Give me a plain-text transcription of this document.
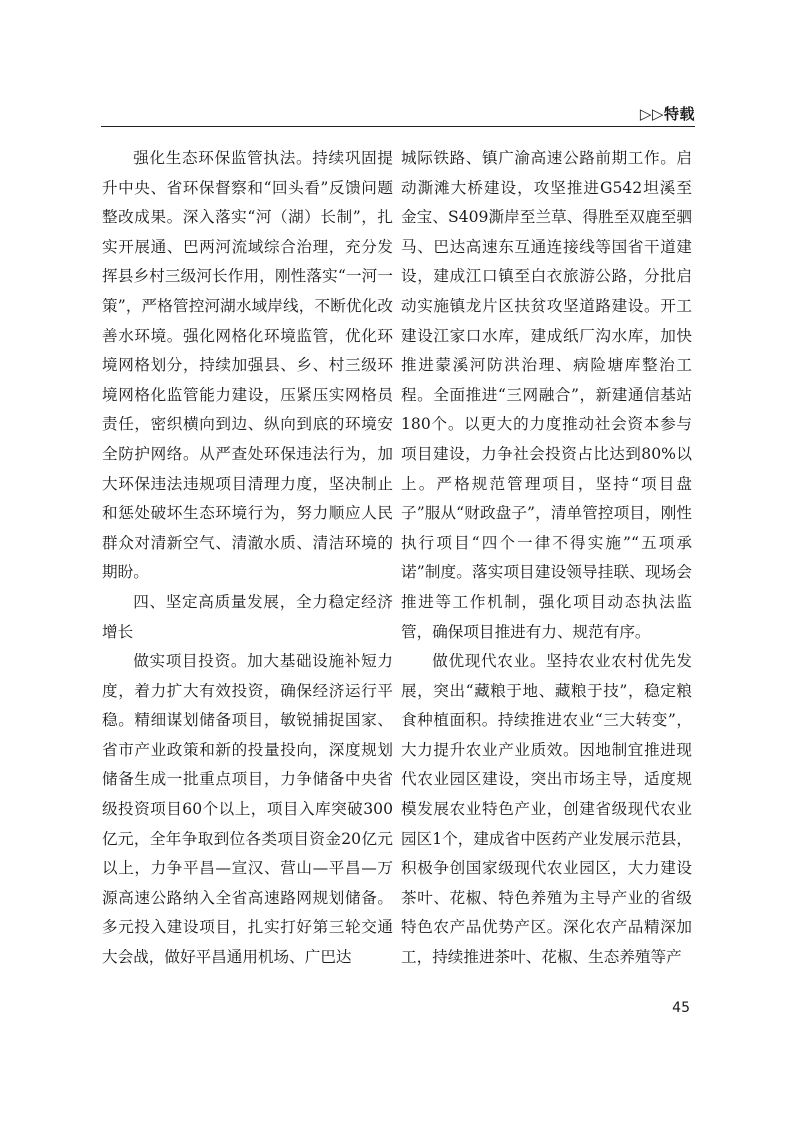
▷▷特载

强化生态环保监管执法。持续巩固提升中央、省环保督察和“回头看”反馈问题整改成果。深入落实“河（湖）长制”，扎实开展通、巴两河流域综合治理，充分发挥县乡村三级河长作用，刚性落实“一河一策”，严格管控河湖水域岸线，不断优化改善水环境。强化网格化环境监管，优化环境网格划分，持续加强县、乡、村三级环境网格化监管能力建设，压紧压实网格员责任，密织横向到边、纵向到底的环境安全防护网络。从严查处环保违法行为，加大环保违法违规项目清理力度，坚决制止和惩处破坏生态环境行为，努力顺应人民群众对清新空气、清澈水质、清洁环境的期盼。

四、坚定高质量发展，全力稳定经济增长

做实项目投资。加大基础设施补短力度，着力扩大有效投资，确保经济运行平稳。精细谋划储备项目，敏锐捕捉国家、省市产业政策和新的投量投向，深度规划储备生成一批重点项目，力争储备中央省级投资项目60个以上，项目入库突破300亿元，全年争取到位各类项目资金20亿元以上，力争平昌—宣汉、营山—平昌—万源高速公路纳入全省高速路网规划储备。多元投入建设项目，扎实打好第三轮交通大会战，做好平昌通用机场、广巴达

城际铁路、镇广渝高速公路前期工作。启动澌滩大桥建设，攻坚推进G542坦溪至金宝、S409澌岸至兰草、得胜至双鹿至驷马、巴达高速东互通连接线等国省干道建设，建成江口镇至白衣旅游公路，分批启动实施镇龙片区扶贫攻坚道路建设。开工建设江家口水库，建成纸厂沟水库，加快推进蒙溪河防洪治理、病险塘库整治工程。全面推进“三网融合”，新建通信基站180个。以更大的力度推动社会资本参与项目建设，力争社会投资占比达到80%以上。严格规范管理项目，坚持“项目盘子”服从“财政盘子”，清单管控项目，刚性执行项目“四个一律不得实施”“五项承诺”制度。落实项目建设领导挂联、现场会推进等工作机制，强化项目动态执法监管，确保项目推进有力、规范有序。

做优现代农业。坚持农业农村优先发展，突出“藏粮于地、藏粮于技”，稳定粮食种植面积。持续推进农业“三大转变”，大力提升农业产业质效。因地制宜推进现代农业园区建设，突出市场主导，适度规模发展农业特色产业，创建省级现代农业园区1个，建成省中医药产业发展示范县，积极争创国家级现代农业园区，大力建设茶叶、花椒、特色养殖为主导产业的省级特色农产品优势产区。深化农产品精深加工，持续推进茶叶、花椒、生态养殖等产

45
